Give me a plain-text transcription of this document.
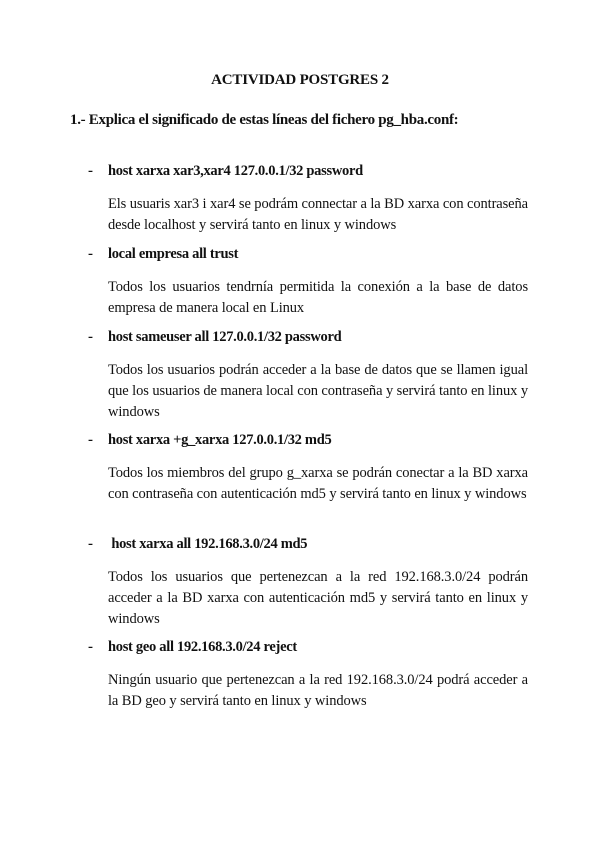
ACTIVIDAD POSTGRES 2
1.- Explica el significado de estas líneas del fichero pg_hba.conf:
- host xarxa xar3,xar4 127.0.0.1/32 password
Els usuaris xar3 i xar4 se podrám connectar a la BD xarxa con contraseña desde localhost y servirá tanto en linux y windows
- local empresa all trust
Todos los usuarios tendrnía permitida la conexión a la base de datos empresa de manera local en Linux
- host sameuser all 127.0.0.1/32 password
Todos los usuarios podrán acceder a la base de datos que se llamen igual que los usuarios de manera local con contraseña y servirá tanto en linux y windows
- host xarxa +g_xarxa 127.0.0.1/32 md5
Todos los miembros del grupo g_xarxa se podrán conectar a la BD xarxa con contraseña con autenticación md5 y servirá tanto en linux y windows
- host xarxa all 192.168.3.0/24 md5
Todos los usuarios que pertenezcan a la red 192.168.3.0/24 podrán acceder a la BD xarxa con autenticación md5 y servirá tanto en linux y windows
- host geo all 192.168.3.0/24 reject
Ningún usuario que pertenezcan a la red 192.168.3.0/24 podrá acceder a la BD geo y servirá tanto en linux y windows
